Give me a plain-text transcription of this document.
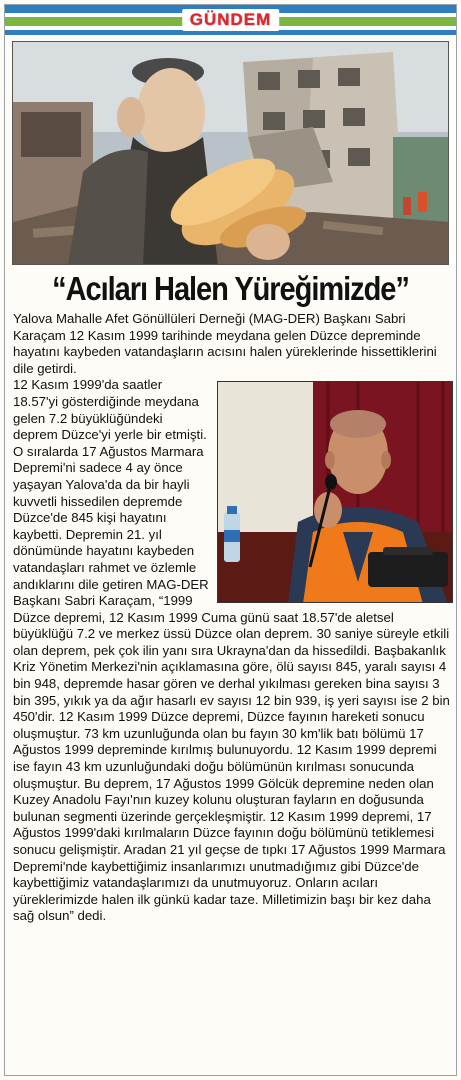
GÜNDEM
“Acıları Halen Yüreğimizde”

Yalova Mahalle Afet Gönüllüleri Derneği (MAG-DER) Başkanı Sabri Karaçam 12 Kasım 1999 tarihinde meydana gelen Düzce depreminde hayatını kaybeden vatandaşların acısını halen yüreklerinde hissettiklerini dile getirdi.

12 Kasım 1999'da saatler 18.57'yi gösterdiğinde meydana gelen 7.2 büyüklüğündeki deprem Düzce'yi yerle bir etmişti. O sıralarda 17 Ağustos Marmara Depremi'ni sadece 4 ay önce yaşayan Yalova'da da bir hayli kuvvetli hissedilen depremde Düzce'de 845 kişi hayatını kaybetti. Depremin 21. yıl dönümünde hayatını kaybeden vatandaşları rahmet ve özlemle andıklarını dile getiren MAG-DER Başkanı Sabri Karaçam, “1999 Düzce depremi, 12 Kasım 1999 Cuma günü saat 18.57'de aletsel büyüklüğü 7.2 ve merkez üssü Düzce olan deprem. 30 saniye süreyle etkili olan deprem, pek çok ilin yanı sıra Ukrayna'dan da hissedildi. Başbakanlık Kriz Yönetim Merkezi'nin açıklamasına göre, ölü sayısı 845, yaralı sayısı 4 bin 948, depremde hasar gören ve derhal yıkılması gereken bina sayısı 3 bin 395, yıkık ya da ağır hasarlı ev sayısı 12 bin 939, iş yeri sayısı ise 2 bin 450'dir. 12 Kasım 1999 Düzce depremi, Düzce fayının hareketi sonucu oluşmuştur. 73 km uzunluğunda olan bu fayın 30 km'lik batı bölümü 17 Ağustos 1999 depreminde kırılmış bulunuyordu. 12 Kasım 1999 depremi ise fayın 43 km uzunluğundaki doğu bölümünün kırılması sonucunda oluşmuştur. Bu deprem, 17 Ağustos 1999 Gölcük depremine neden olan Kuzey Anadolu Fayı'nın kuzey kolunu oluşturan fayların en doğusunda bulunan segmenti üzerinde gerçekleşmiştir. 12 Kasım 1999 depremi, 17 Ağustos 1999'daki kırılmaların Düzce fayının doğu bölümünü tetiklemesi sonucu gelişmiştir. Aradan 21 yıl geçse de tıpkı 17 Ağustos 1999 Marmara Depremi'nde kaybettiğimiz insanlarımızı unutmadığımız gibi Düzce'de kaybettiğimiz vatandaşlarımızı da unutmuyoruz. Onların acıları yüreklerimizde halen ilk günkü kadar taze. Milletimizin başı bir kez daha sağ olsun” dedi.
